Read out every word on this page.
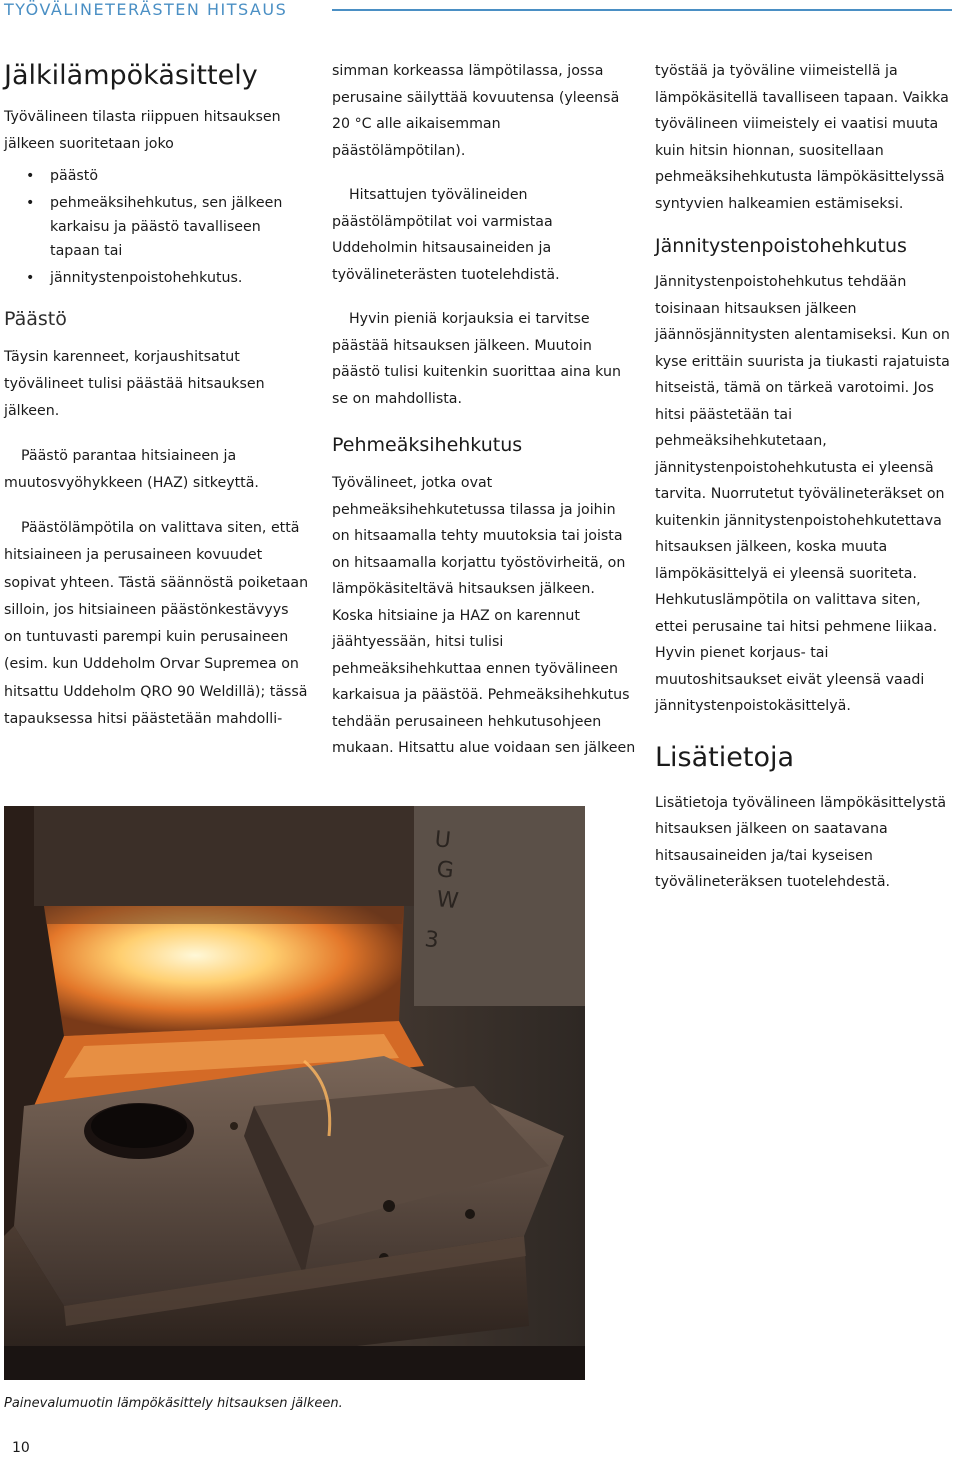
TYÖVÄLINETERÄSTEN HITSAUS
Jälkilämpökäsittely

Työvälineen tilasta riippuen hitsauksen jälkeen suoritetaan joko

• päästö
• pehmeäksihehkutus, sen jälkeen karkaisu ja päästö tavalliseen tapaan tai
• jännitystenpoistohehkutus.
Päästö

Täysin karenneet, korjaushitsatut työvälineet tulisi päästää hitsauksen jälkeen.

Päästö parantaa hitsiaineen ja muutosvyöhykkeen (HAZ) sitkeyttä.

Päästölämpötila on valittava siten, että hitsiaineen ja perusaineen kovuudet sopivat yhteen. Tästä säännöstä poiketaan silloin, jos hitsiaineen päästönkestävyys on tuntuvasti parempi kuin perusaineen (esim. kun Uddeholm Orvar Supremea on hitsattu Uddeholm QRO 90 Weldillä); tässä tapauksessa hitsi päästetään mahdolli-

simman korkeassa lämpötilassa, jossa perusaine säilyttää kovuutensa (yleensä 20 °C alle aikaisemman päästölämpötilan).

Hitsattujen työvälineiden päästölämpötilat voi varmistaa Uddeholmin hitsausaineiden ja työvälineterästen tuotelehdistä.

Hyvin pieniä korjauksia ei tarvitse päästää hitsauksen jälkeen. Muutoin päästö tulisi kuitenkin suorittaa aina kun se on mahdollista.

Pehmeäksihehkutus

Työvälineet, jotka ovat pehmeäksihehkutetussa tilassa ja joihin on hitsaamalla tehty muutoksia tai joista on hitsaamalla korjattu työstövirheitä, on lämpökäsiteltävä hitsauksen jälkeen. Koska hitsiaine ja HAZ on karennut jäähtyessään, hitsi tulisi pehmeäksihehkuttaa ennen työvälineen karkaisua ja päästöä. Pehmeäksihehkutus tehdään perusaineen hehkutusohjeen mukaan. Hitsattu alue voidaan sen jälkeen

työstää ja työväline viimeistellä ja lämpökäsitellä tavalliseen tapaan. Vaikka työvälineen viimeistely ei vaatisi muuta kuin hitsin hionnan, suositellaan pehmeäksihehkutusta lämpökäsittelyssä syntyvien halkeamien estämiseksi.

Jännitystenpoistohehkutus

Jännitystenpoistohehkutus tehdään toisinaan hitsauksen jälkeen jäännösjännitysten alentamiseksi. Kun on kyse erittäin suurista ja tiukasti rajatuista hitseistä, tämä on tärkeä varotoimi. Jos hitsi päästetään tai pehmeäksihehkutetaan, jännitystenpoistohehkutusta ei yleensä tarvita. Nuorrutetut työvälineteräkset on kuitenkin jännitystenpoistohehkutettava hitsauksen jälkeen, koska muuta lämpökäsittelyä ei yleensä suoriteta.

Hehkutuslämpötila on valittava siten, ettei perusaine tai hitsi pehmene liikaa. Hyvin pienet korjaus- tai muutoshitsaukset eivät yleensä vaadi jännitystenpoistokäsittelyä.

Lisätietoja

Lisätietoja työvälineen lämpökäsittelystä hitsauksen jälkeen on saatavana hitsausaineiden ja/tai kyseisen työvälineteräksen tuotelehdestä.

U
G
W
3
Painevalumuotin lämpökäsittely hitsauksen jälkeen.
10
